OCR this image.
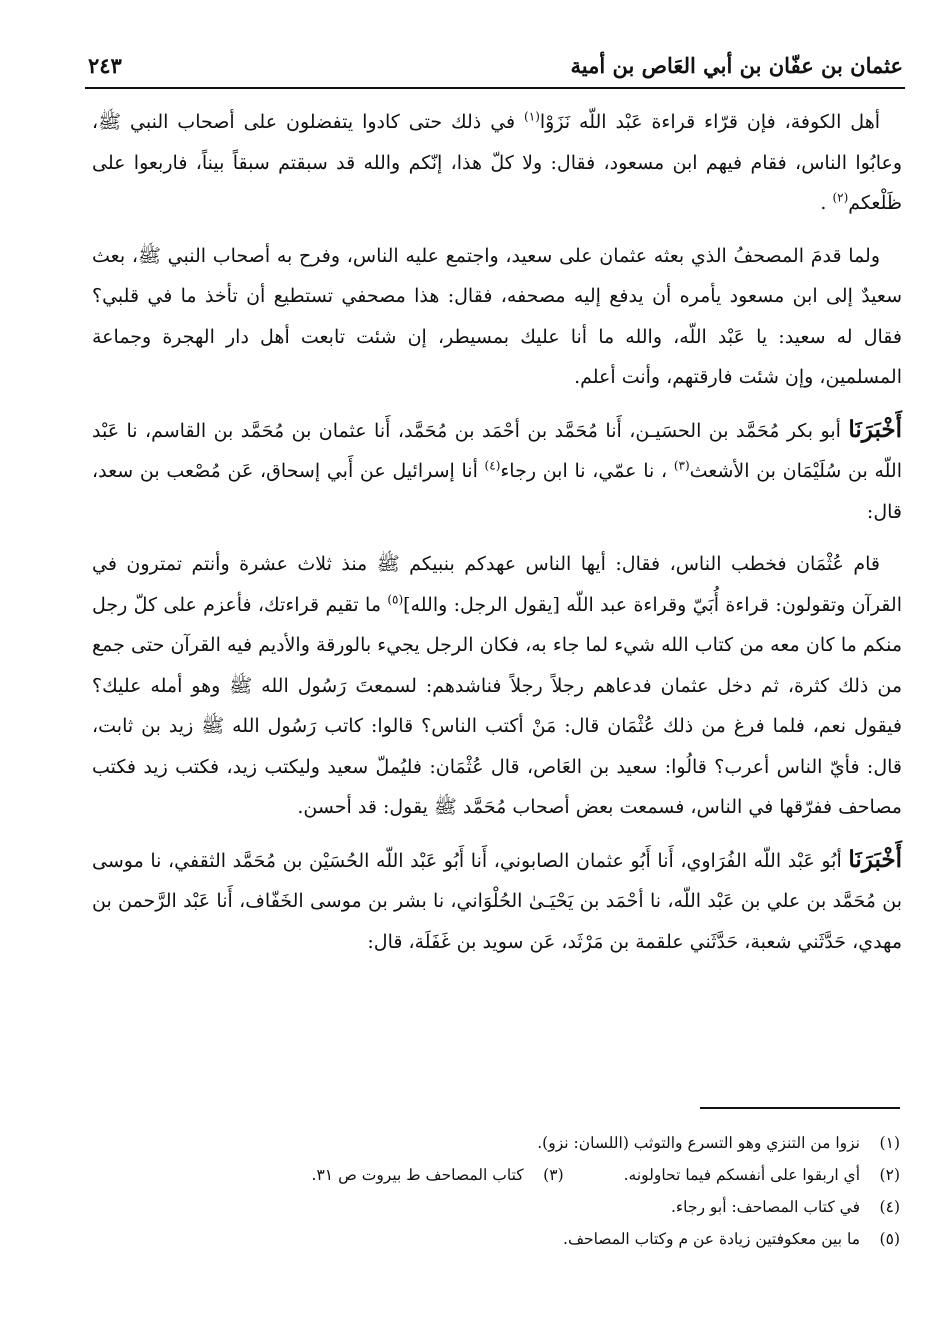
عثمان بن عفّان بن أبي العَاص بن أمية
٢٤٣

أهل الكوفة، فإن قرّاء قراءة عَبْد اللّه نَزَوْا$^{(١)}$ في ذلك حتى كادوا يتفضلون على أصحاب النبي ﷺ، وعابُوا الناس، فقام فيهم ابن مسعود، فقال: ولا كلّ هذا، إنّكم والله قد سبقتم سبقاً بيناً، فاربعوا على ظَلْعكم$^{(٢)}$ .

ولما قدمَ المصحفُ الذي بعثه عثمان على سعيد، واجتمع عليه الناس، وفرح به أصحاب النبي ﷺ، بعث سعيدٌ إلى ابن مسعود يأمره أن يدفع إليه مصحفه، فقال: هذا مصحفي تستطيع أن تأخذ ما في قلبي؟ فقال له سعيد: يا عَبْد اللّه، والله ما أنا عليك بمسيطر، إن شئت تابعت أهل دار الهجرة وجماعة المسلمين، وإن شئت فارقتهم، وأنت أعلم.

أَخْبَرَنَا أبو بكر مُحَمَّد بن الحسَيـن، أَنا مُحَمَّد بن أحْمَد بن مُحَمَّد، أَنا عثمان بن مُحَمَّد بن القاسم، نا عَبْد اللّه بن سُلَيْمَان بن الأشعث$^{(٣)}$ ، نا عمّي، نا ابن رجاء$^{(٤)}$ أنا إسرائيل عن أَبي إسحاق، عَن مُصْعب بن سعد، قال:

قام عُثْمَان فخطب الناس، فقال: أيها الناس عهدكم بنبيكم ﷺ منذ ثلاث عشرة وأنتم تمترون في القرآن وتقولون: قراءة أُبَيّ وقراءة عبد اللّه [يقول الرجل: والله]$^{(٥)}$ ما تقيم قراءتك، فأعزم على كلّ رجل منكم ما كان معه من كتاب الله شيء لما جاء به، فكان الرجل يجيء بالورقة والأديم فيه القرآن حتى جمع من ذلك كثرة، ثم دخل عثمان فدعاهم رجلاً رجلاً فناشدهم: لسمعتَ رَسُول الله ﷺ وهو أمله عليك؟ فيقول نعم، فلما فرغ من ذلك عُثْمَان قال: مَنْ أكتب الناس؟ قالوا: كاتب رَسُول الله ﷺ زيد بن ثابت، قال: فأيّ الناس أعرب؟ قالُوا: سعيد بن العَاص، قال عُثْمَان: فليُملّ سعيد وليكتب زيد، فكتب زيد فكتب مصاحف ففرّقها في الناس، فسمعت بعض أصحاب مُحَمَّد ﷺ يقول: قد أحسن.

أَخْبَرَنَا أبُو عَبْد اللّه الفُرَاوي، أَنا أَبُو عثمان الصابوني، أَنا أَبُو عَبْد اللّه الحُسَيْن بن مُحَمَّد الثقفي، نا موسى بن مُحَمَّد بن علي بن عَبْد اللّه، نا أحْمَد بن يَحْيَـىٰ الحُلْوَاني، نا بشر بن موسى الخَفّاف، أَنا عَبْد الرَّحمن بن مهدي، حَدَّثَني شعبة، حَدَّثَني علقمة بن مَرْثَد، عَن سويد بن غَفَلَة، قال:

(١)
نزوا من التنزي وهو التسرع والتوثب (اللسان: نزو).
(٢)
أي اربقوا على أنفسكم فيما تحاولونه.
(٣)
كتاب المصاحف ط بيروت ص ٣١.
(٤)
في كتاب المصاحف: أبو رجاء.
(٥)
ما بين معكوفتين زيادة عن م وكتاب المصاحف.
